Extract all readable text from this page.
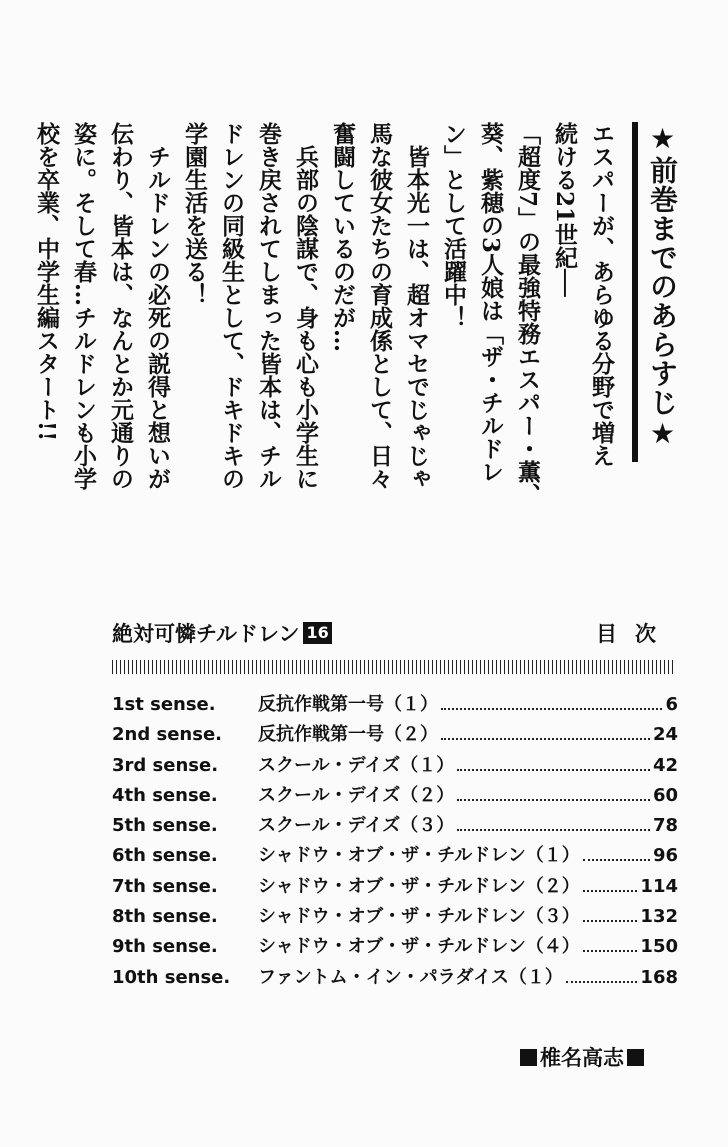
★前巻までのあらすじ★
エスパーが、あらゆる分野で増え
続ける21世紀──
「超度7」の最強特務エスパー・薫、
葵、紫穂の3人娘は「ザ・チルドレ
ン」として活躍中！
　皆本光一は、超オマセでじゃじゃ
馬な彼女たちの育成係として、日々
奮闘しているのだが…
　兵部の陰謀で、身も心も小学生に
巻き戻されてしまった皆本は、チル
ドレンの同級生として、ドキドキの
学園生活を送る！
　チルドレンの必死の説得と想いが
伝わり、皆本は、なんとか元通りの
姿に。そして春…チルドレンも小学
校を卒業、中学生編スタート!!
絶対可憐チルドレン 16	目次
1st sense.	反抗作戦第一号（１）	6
2nd sense.	反抗作戦第一号（２）	24
3rd sense.	スクール・デイズ（１）	42
4th sense.	スクール・デイズ（２）	60
5th sense.	スクール・デイズ（３）	78
6th sense.	シャドウ・オブ・ザ・チルドレン（１）	96
7th sense.	シャドウ・オブ・ザ・チルドレン（２）	114
8th sense.	シャドウ・オブ・ザ・チルドレン（３）	132
9th sense.	シャドウ・オブ・ザ・チルドレン（４）	150
10th sense.	ファントム・イン・パラダイス（１）	168
椎名高志
